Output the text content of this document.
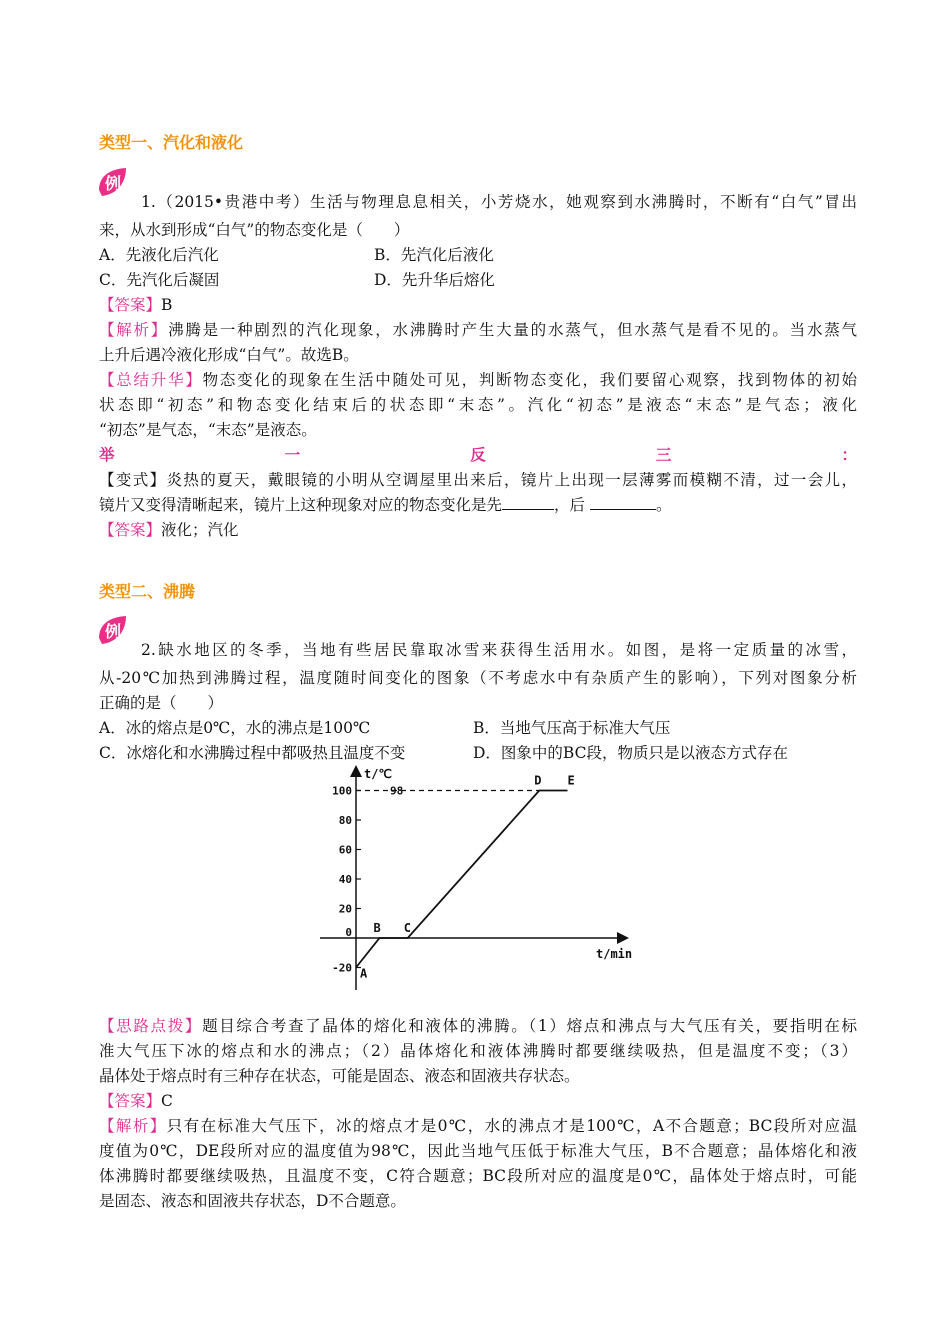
类型一、汽化和液化
例
1.（2015•贵港中考）生活与物理息息相关，小芳烧水，她观察到水沸腾时，不断有“白气”冒出
来，从水到形成“白气”的物态变化是（　　）
A．先液化后汽化	B．先汽化后液化
C．先汽化后凝固	D．先升华后熔化
【答案】B
【解析】沸腾是一种剧烈的汽化现象，水沸腾时产生大量的水蒸气，但水蒸气是看不见的。当水蒸气
上升后遇冷液化形成“白气”。故选B。
【总结升华】物态变化的现象在生活中随处可见，判断物态变化，我们要留心观察，找到物体的初始
状态即“初态”和物态变化结束后的状态即“末态”。汽化“初态”是液态“末态”是气态；液化
“初态”是气态，“末态”是液态。
举	一	反	三	：
【变式】炎热的夏天，戴眼镜的小明从空调屋里出来后，镜片上出现一层薄雾而模糊不清，过一会儿，
镜片又变得清晰起来，镜片上这种现象对应的物态变化是先	，后	。
【答案】液化；汽化
类型二、沸腾
例
2.缺水地区的冬季，当地有些居民靠取冰雪来获得生活用水。如图，是将一定质量的冰雪，
从-20℃加热到沸腾过程，温度随时间变化的图象（不考虑水中有杂质产生的影响），下列对图象分析
正确的是（　　）
A．冰的熔点是0℃，水的沸点是100℃	B．当地气压高于标准大气压
C．冰熔化和水沸腾过程中都吸热且温度不变	D．图象中的BC段，物质只是以液态方式存在
【思路点拨】题目综合考查了晶体的熔化和液体的沸腾。（1）熔点和沸点与大气压有关，要指明在标
准大气压下冰的熔点和水的沸点；（2）晶体熔化和液体沸腾时都要继续吸热，但是温度不变；（3）
晶体处于熔点时有三种存在状态，可能是固态、液态和固液共存状态。
【答案】C
【解析】只有在标准大气压下，冰的熔点才是0℃，水的沸点才是100℃，A不合题意；BC段所对应温
度值为0℃，DE段所对应的温度值为98℃，因此当地气压低于标准大气压，B不合题意；晶体熔化和液
体沸腾时都要继续吸热，且温度不变，C符合题意；BC段所对应的温度是0℃，晶体处于熔点时，可能
是固态、液态和固液共存状态，D不合题意。
t/℃
t/min
100
80
60
40
20
0
-20
98
A
B C
D E
